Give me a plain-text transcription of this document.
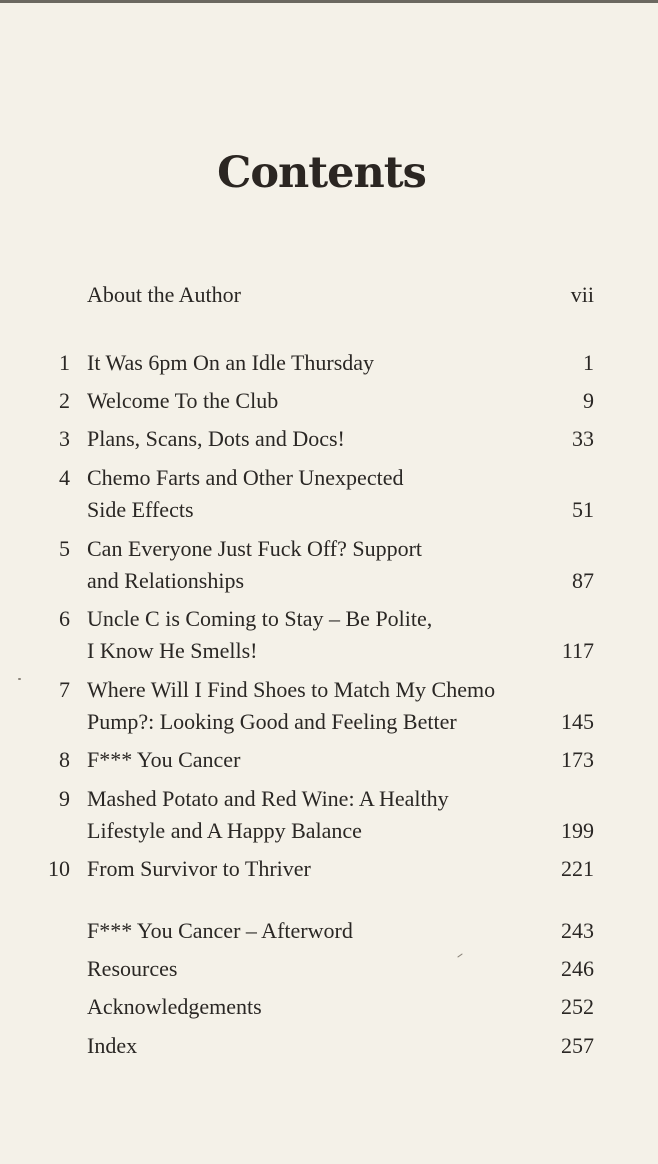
Contents
About the Author	vii
1 It Was 6pm On an Idle Thursday	1
2 Welcome To the Club	9
3 Plans, Scans, Dots and Docs!	33
4 Chemo Farts and Other Unexpected
Side Effects	51
5 Can Everyone Just Fuck Off? Support
and Relationships	87
6 Uncle C is Coming to Stay – Be Polite,
I Know He Smells!	117
7 Where Will I Find Shoes to Match My Chemo
Pump?: Looking Good and Feeling Better	145
8 F*** You Cancer	173
9 Mashed Potato and Red Wine: A Healthy
Lifestyle and A Happy Balance	199
10 From Survivor to Thriver	221
F*** You Cancer – Afterword	243
Resources	246
Acknowledgements	252
Index	257
